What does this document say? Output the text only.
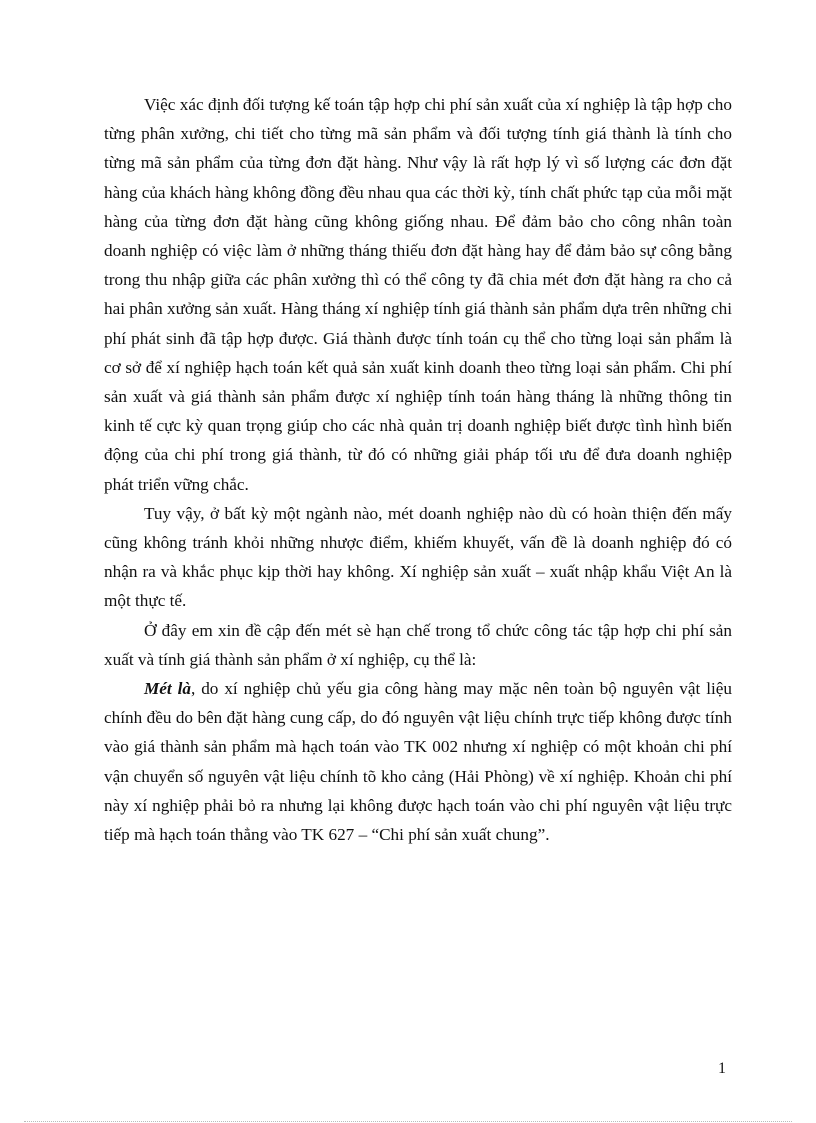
Việc xác định đối tượng kế toán tập hợp chi phí sản xuất của xí nghiệp là tập hợp cho từng phân xưởng, chi tiết cho từng mã sản phẩm và đối tượng tính giá thành là tính cho từng mã sản phẩm của từng đơn đặt hàng. Như vậy là rất hợp lý vì số lượng các đơn đặt hàng của khách hàng không đồng đều nhau qua các thời kỳ, tính chất phức tạp của mỗi mặt hàng của từng đơn đặt hàng cũng không giống nhau. Để đảm bảo cho công nhân toàn doanh nghiệp có việc làm ở những tháng thiếu đơn đặt hàng hay để đảm bảo sự công bằng trong thu nhập giữa các phân xưởng thì có thể công ty đã chia mét đơn đặt hàng ra cho cả hai phân xưởng sản xuất. Hàng tháng xí nghiệp tính giá thành sản phẩm dựa trên những chi phí phát sinh đã tập hợp được. Giá thành được tính toán cụ thể cho từng loại sản phẩm là cơ sở để xí nghiệp hạch toán kết quả sản xuất kinh doanh theo từng loại sản phẩm. Chi phí sản xuất và giá thành sản phẩm được xí nghiệp tính toán hàng tháng là những thông tin kinh tế cực kỳ quan trọng giúp cho các nhà quản trị doanh nghiệp biết được tình hình biến động của chi phí trong giá thành, từ đó có những giải pháp tối ưu để đưa doanh nghiệp phát triển vững chắc.

Tuy vậy, ở bất kỳ một ngành nào, mét doanh nghiệp nào dù có hoàn thiện đến mấy cũng không tránh khỏi những nhược điểm, khiếm khuyết, vấn đề là doanh nghiệp đó có nhận ra và khắc phục kịp thời hay không. Xí nghiệp sản xuất – xuất nhập khẩu Việt An là một thực tế.

Ở đây em xin đề cập đến mét sè hạn chế trong tổ chức công tác tập hợp chi phí sản xuất và tính giá thành sản phẩm ở xí nghiệp, cụ thể là:

Mét là, do xí nghiệp chủ yếu gia công hàng may mặc nên toàn bộ nguyên vật liệu chính đều do bên đặt hàng cung cấp, do đó nguyên vật liệu chính trực tiếp không được tính vào giá thành sản phẩm mà hạch toán vào TK 002 nhưng xí nghiệp có một khoản chi phí vận chuyển số nguyên vật liệu chính tõ kho cảng (Hải Phòng) về xí nghiệp. Khoản chi phí này xí nghiệp phải bỏ ra nhưng lại không được hạch toán vào chi phí nguyên vật liệu trực tiếp mà hạch toán thẳng vào TK 627 – “Chi phí sản xuất chung”.

1
